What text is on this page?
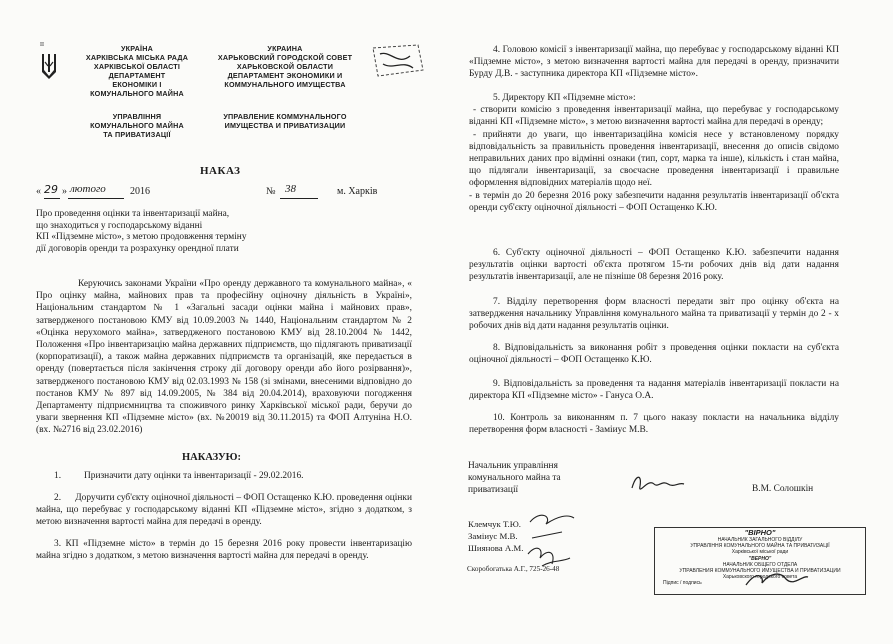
ІІ	УКРАЇНА
ХАРКІВСЬКА МІСЬКА РАДА
ХАРКІВСЬКОЇ ОБЛАСТІ
ДЕПАРТАМЕНТ
ЕКОНОМІКИ І
КОМУНАЛЬНОГО МАЙНА
УПРАВЛІННЯ
КОМУНАЛЬНОГО МАЙНА
ТА ПРИВАТИЗАЦІЇ
УКРАИНА
ХАРЬКОВСКИЙ ГОРОДСКОЙ СОВЕТ
ХАРЬКОВСКОЙ ОБЛАСТИ
ДЕПАРТАМЕНТ ЭКОНОМИКИ И
КОММУНАЛЬНОГО ИМУЩЕСТВА
УПРАВЛЕНИЕ КОММУНАЛЬНОГО
ИМУЩЕСТВА И ПРИВАТИЗАЦИИ
НАКАЗ
« 29 » лютого 2016	№ 38	м. Харків
Про проведення оцінки та інвентаризації майна,
що знаходиться у господарському віданні
КП «Підземне місто», з метою продовження терміну
дії договорів оренди та розрахунку орендної плати

Керуючись законами України «Про оренду державного та комунального майна», « Про оцінку майна, майнових прав та професійну оціночну діяльність в Україні», Національним стандартом № 1 «Загальні засади оцінки майна і майнових прав», затвердженого постановою КМУ від 10.09.2003 № 1440, Національним стандартом № 2 «Оцінка нерухомого майна», затвердженого постановою КМУ від 28.10.2004 № 1442, Положення «Про інвентаризацію майна державних підприємств, що підлягають приватизації (корпоратизації), а також майна державних підприємств та організацій, яке передається в оренду (повертається після закінчення строку дії договору оренди або його розірвання)», затвердженого постановою КМУ від 02.03.1993 № 158 (зі змінами, внесеними відповідно до постанов КМУ № 897 від 14.09.2005, № 384 від 20.04.2014), враховуючи погодження Департаменту підприємництва та споживчого ринку Харківської міської ради, беручи до уваги звернення КП «Підземне місто» (вх. №20019 від 30.11.2015) та ФОП Алтуніна Н.О. (вх. №2716 від 23.02.2016)

НАКАЗУЮ:
1. Призначити дату оцінки та інвентаризації - 29.02.2016.

2. Доручити суб'єкту оціночної діяльності – ФОП Остащенко К.Ю. проведення оцінки майна, що перебуває у господарському віданні КП «Підземне місто», згідно з додатком, з метою визначення вартості майна для передачі в оренду.

3. КП «Підземне місто» в термін до 15 березня 2016 року провести інвентаризацію майна згідно з додатком, з метою визначення вартості майна для передачі в оренду.

4. Головою комісії з інвентаризації майна, що перебуває у господарському віданні КП «Підземне місто», з метою визначення вартості майна для передачі в оренду, призначити Бурду Д.В. - заступника директора КП «Підземне місто».

5. Директору КП «Підземне місто»:

- створити комісію з проведення інвентаризації майна, що перебуває у господарському віданні КП «Підземне місто», з метою визначення вартості майна для передачі в оренду;

- прийняти до уваги, що інвентаризаційна комісія несе у встановленому порядку відповідальність за правильність проведення інвентаризації, внесення до описів свідомо неправильних даних про відмінні ознаки (тип, сорт, марка та інше), кількість і стан майна, що підлягали інвентаризації, за своєчасне проведення інвентаризації і правильне оформлення відповідних матеріалів щодо неї.

- в термін до 20 березня 2016 року забезпечити надання результатів інвентаризації об'єкта оренди суб'єкту оціночної діяльності – ФОП Остащенко К.Ю.

6. Суб'єкту оціночної діяльності – ФОП Остащенко К.Ю. забезпечити надання результатів оцінки вартості об'єкта протягом 15-ти робочих днів від дати надання результатів інвентаризації, але не пізніше 08 березня 2016 року.

7. Відділу перетворення форм власності передати звіт про оцінку об'єкта на затвердження начальнику Управління комунального майна та приватизації у термін до 2 - х робочих днів від дати надання результатів оцінки.

8. Відповідальність за виконання робіт з проведення оцінки покласти на суб'єкта оціночної діяльності – ФОП Остащенко К.Ю.

9. Відповідальність за проведення та надання матеріалів інвентаризації покласти на директора КП «Підземне місто» - Гануса О.А.

10. Контроль за виконанням п. 7 цього наказу покласти на начальника відділу перетворення форм власності - Заміиус М.В.

Начальник управління
комунального майна та
приватизації	В.М. Солошкін
Клемчук Т.Ю.
Заміиус М.В.
Шиянова А.М.
Скоробогатька А.Г., 725-26-48
"ВІРНО"
НАЧАЛЬНИК ЗАГАЛЬНОГО ВІДДІЛУ
УПРАВЛІННЯ КОМУНАЛЬНОГО МАЙНА ТА ПРИВАТИЗАЦІЇ
Харківської міської ради
"ВЕРНО"
НАЧАЛЬНИК ОБЩЕГО ОТДЕЛА
УПРАВЛЕНИЯ КОММУНАЛЬНОГО ИМУЩЕСТВА И ПРИВАТИЗАЦИИ
Харьковского городского совета
Підпис / подпись
